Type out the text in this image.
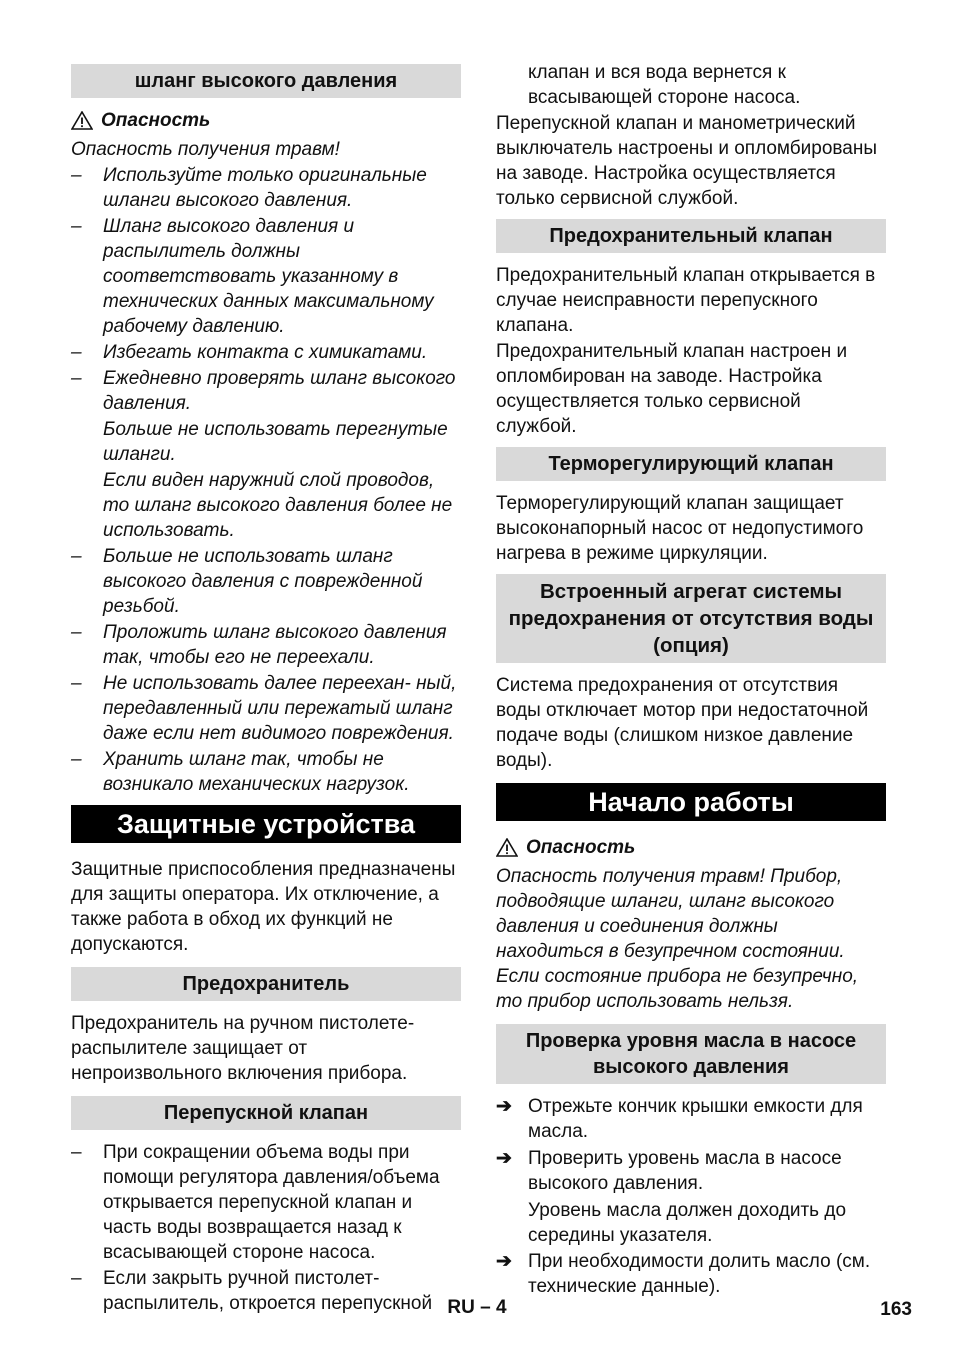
шланг высокого давления
Опасность
Опасность получения травм!
– Используйте только оригинальные шланги высокого давления.
– Шланг высокого давления и распылитель должны соответствовать указанному в технических данных максимальному рабочему давлению.
– Избегать контакта с химикатами.
– Ежедневно проверять шланг высокого давления.
Больше не использовать перегнутые шланги.
Если виден наружний слой проводов, то шланг высокого давления более не использовать.
– Больше не использовать шланг высокого давления с поврежденной резьбой.
– Проложить шланг высокого давления так, чтобы его не переехали.
– Не использовать далее переехан- ный, передавленный или пережатый шланг даже если нет видимого повреждения.
– Хранить шланг так, чтобы не возникало механических нагрузок.
Защитные устройства
Защитные приспособления предназначены для защиты оператора. Их отключение, а также работа в обход их функций не допускаются.
Предохранитель
Предохранитель на ручном пистолете-распылителе защищает от непроизвольного включения прибора.
Перепускной клапан
– При сокращении объема воды при помощи регулятора давления/объема открывается перепускной клапан и часть воды возвращается назад к всасывающей стороне насоса.
– Если закрыть ручной пистолет-распылитель, откроется перепускной
клапан и вся вода вернется к всасывающей стороне насоса.
Перепускной клапан и манометрический выключатель настроены и опломбированы на заводе. Настройка осуществляется только сервисной службой.
Предохранительный клапан
Предохранительный клапан открывается в случае неисправности перепускного клапана.
Предохранительный клапан настроен и опломбирован на заводе. Настройка осуществляется только сервисной службой.
Терморегулирующий клапан
Терморегулирующий клапан защищает высоконапорный насос от недопустимого нагрева в режиме циркуляции.
Встроенный агрегат системы предохранения от отсутствия воды (опция)
Система предохранения от отсутствия воды отключает мотор при недостаточной подаче воды (слишком низкое давление воды).
Начало работы
Опасность
Опасность получения травм! Прибор, подводящие шланги, шланг высокого давления и соединения должны находиться в безупречном состоянии. Если состояние прибора не безупречно, то прибор использовать нельзя.
Проверка уровня масла в насосе высокого давления
➔ Отрежьте кончик крышки емкости для масла.
➔ Проверить уровень масла в насосе высокого давления.
Уровень масла должен доходить до середины указателя.
➔ При необходимости долить масло (см. технические данные).
RU – 4	163
